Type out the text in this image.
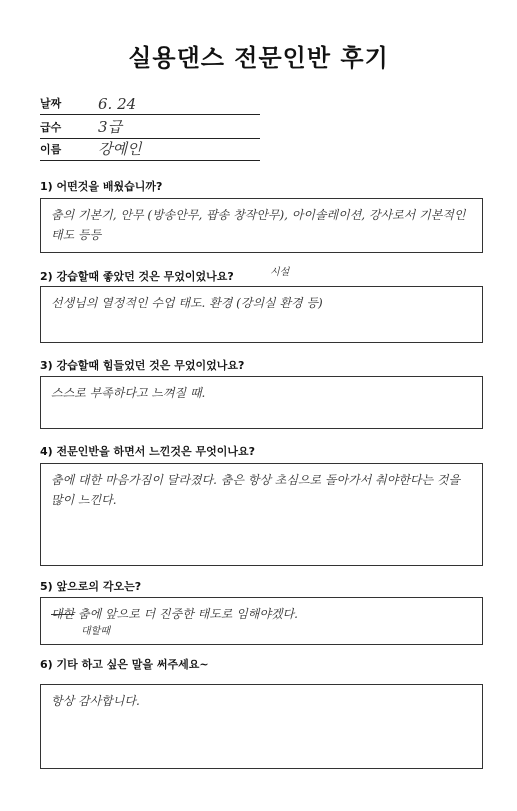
실용댄스 전문인반 후기
날짜 6. 24
급수 3급
이름 강예인
1) 어떤것을 배웠습니까?
춤의 기본기, 안무 (방송안무, 팝송 창작안무), 아이솔레이션, 강사로서 기본적인 태도 등등
2) 강습할때 좋았던 것은 무었이었나요?	시설
선생님의 열정적인 수업 태도. 환경 (강의실 환경 등)
3) 강습할때 힘들었던 것은 무었이었나요?
스스로 부족하다고 느껴질 때.
4) 전문인반을 하면서 느낀것은 무엇이나요?
춤에 대한 마음가짐이 달라졌다. 춤은 항상 초심으로 돌아가서 춰야한다는 것을 많이 느낀다.
5) 앞으로의 각오는?
대한 춤에 앞으로 더 진중한 태도로 임해야겠다.
대할때
6) 기타 하고 싶은 말을 써주세요~
항상 감사합니다.
